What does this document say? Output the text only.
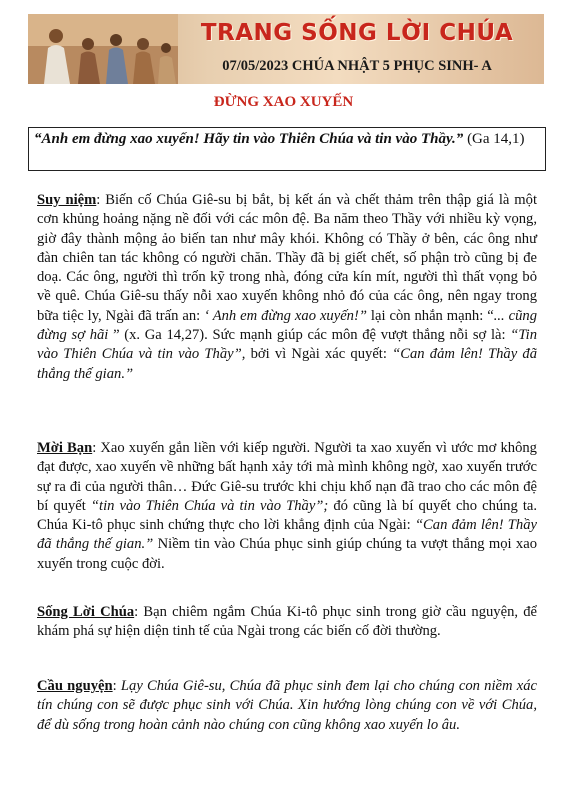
TRANG SỐNG LỜI CHÚA
07/05/2023 CHÚA NHẬT 5 PHỤC SINH- A
ĐỪNG XAO XUYẾN
“Anh em đừng xao xuyến! Hãy tin vào Thiên Chúa và tin vào Thầy.” (Ga 14,1)
Suy niệm: Biến cố Chúa Giê-su bị bắt, bị kết án và chết thảm trên thập giá là một cơn khủng hoảng nặng nề đối với các môn đệ. Ba năm theo Thầy với nhiều kỳ vọng, giờ đây thành mộng ảo biến tan như mây khói. Không có Thầy ở bên, các ông như đàn chiên tan tác không có người chăn. Thầy đã bị giết chết, số phận trò cũng bị đe doạ. Các ông, người thì trốn kỹ trong nhà, đóng cửa kín mít, người thì thất vọng bỏ về quê. Chúa Giê-su thấy nỗi xao xuyến không nhỏ đó của các ông, nên ngay trong bữa tiệc ly, Ngài đã trấn an: ‘ Anh em đừng xao xuyến!” lại còn nhắn mạnh: “... cũng đừng sợ hãi ” (x. Ga 14,27). Sức mạnh giúp các môn đệ vượt thắng nỗi sợ là: “Tin vào Thiên Chúa và tin vào Thầy”, bởi vì Ngài xác quyết: “Can đảm lên! Thầy đã thắng thế gian.”
Mời Bạn: Xao xuyến gắn liền với kiếp người. Người ta xao xuyến vì ước mơ không đạt được, xao xuyến về những bất hạnh xảy tới mà mình không ngờ, xao xuyến trước sự ra đi của người thân… Đức Giê-su trước khi chịu khổ nạn đã trao cho các môn đệ bí quyết “tin vào Thiên Chúa và tin vào Thầy”; đó cũng là bí quyết cho chúng ta. Chúa Ki-tô phục sinh chứng thực cho lời khẳng định của Ngài: “Can đảm lên! Thầy đã thắng thế gian.” Niềm tin vào Chúa phục sinh giúp chúng ta vượt thắng mọi xao xuyến trong cuộc đời.
Sống Lời Chúa: Bạn chiêm ngắm Chúa Ki-tô phục sinh trong giờ cầu nguyện, để khám phá sự hiện diện tinh tế của Ngài trong các biến cố đời thường.
Cầu nguyện: Lạy Chúa Giê-su, Chúa đã phục sinh đem lại cho chúng con niềm xác tín chúng con sẽ được phục sinh với Chúa. Xin hướng lòng chúng con về với Chúa, để dù sống trong hoàn cảnh nào chúng con cũng không xao xuyến lo âu.
